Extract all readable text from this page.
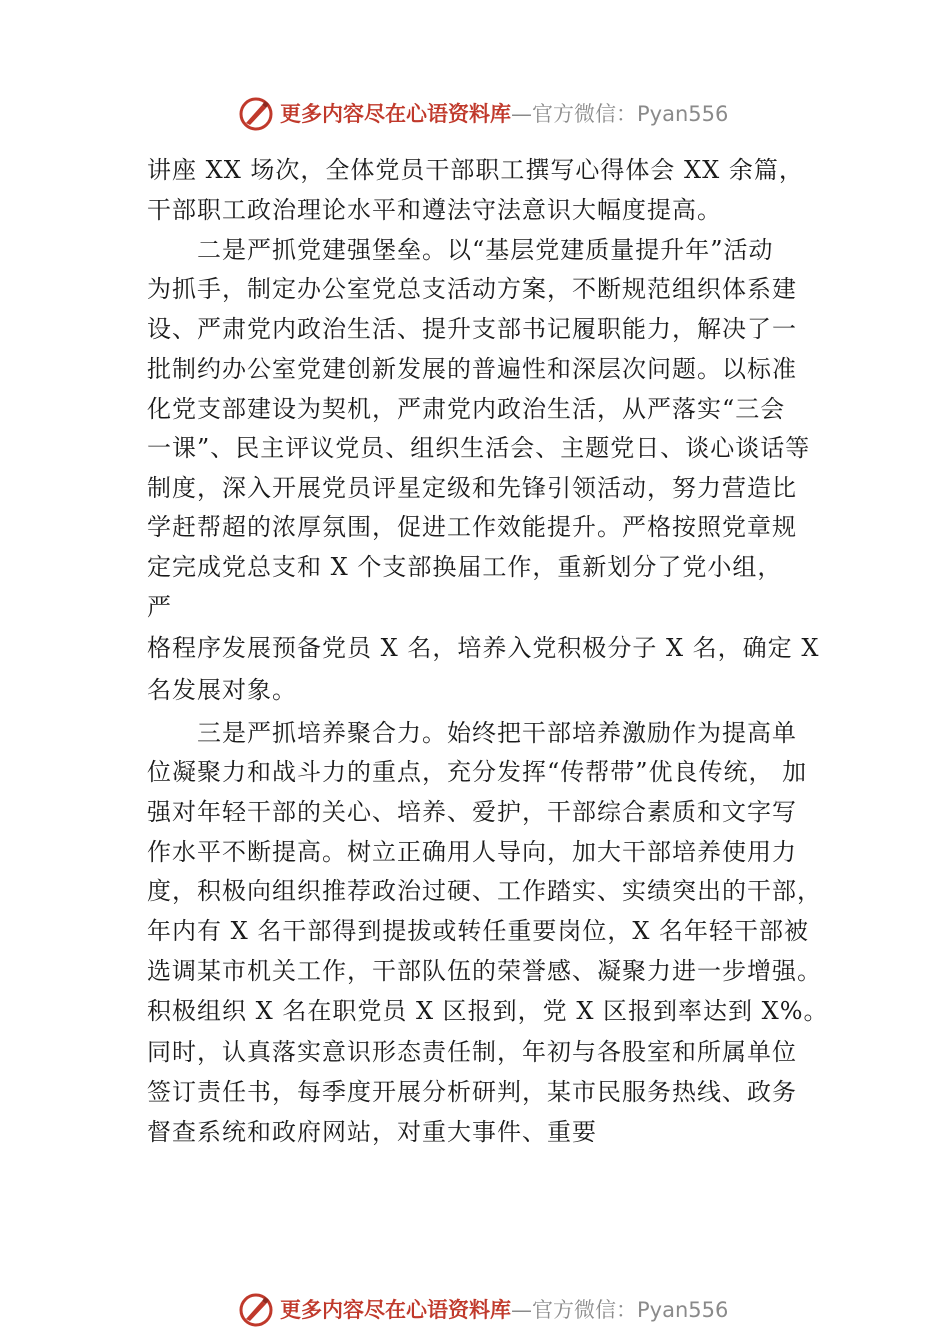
更多内容尽在心语资料库—官方微信：Pyan556
讲座 XX 场次，全体党员干部职工撰写心得体会 XX 余篇，
干部职工政治理论水平和遵法守法意识大幅度提高。
　　二是严抓党建强堡垒。以“基层党建质量提升年”活动
为抓手，制定办公室党总支活动方案，不断规范组织体系建
设、严肃党内政治生活、提升支部书记履职能力，解决了一
批制约办公室党建创新发展的普遍性和深层次问题。以标准
化党支部建设为契机，严肃党内政治生活，从严落实“三会
一课”、民主评议党员、组织生活会、主题党日、谈心谈话等
制度，深入开展党员评星定级和先锋引领活动，努力营造比
学赶帮超的浓厚氛围，促进工作效能提升。严格按照党章规
定完成党总支和 X 个支部换届工作，重新划分了党小组，
严
格程序发展预备党员 X 名，培养入党积极分子 X 名，确定 X
名发展对象。
　　三是严抓培养聚合力。始终把干部培养激励作为提高单
位凝聚力和战斗力的重点，充分发挥“传帮带”优良传统， 加
强对年轻干部的关心、培养、爱护，干部综合素质和文字写
作水平不断提高。树立正确用人导向，加大干部培养使用力
度，积极向组织推荐政治过硬、工作踏实、实绩突出的干部，
年内有 X 名干部得到提拔或转任重要岗位，X 名年轻干部被
选调某市机关工作，干部队伍的荣誉感、凝聚力进一步增强。
积极组织 X 名在职党员 X 区报到，党 X 区报到率达到 X%。
同时，认真落实意识形态责任制，年初与各股室和所属单位
签订责任书，每季度开展分析研判，某市民服务热线、政务
督查系统和政府网站，对重大事件、重要
更多内容尽在心语资料库—官方微信：Pyan556
